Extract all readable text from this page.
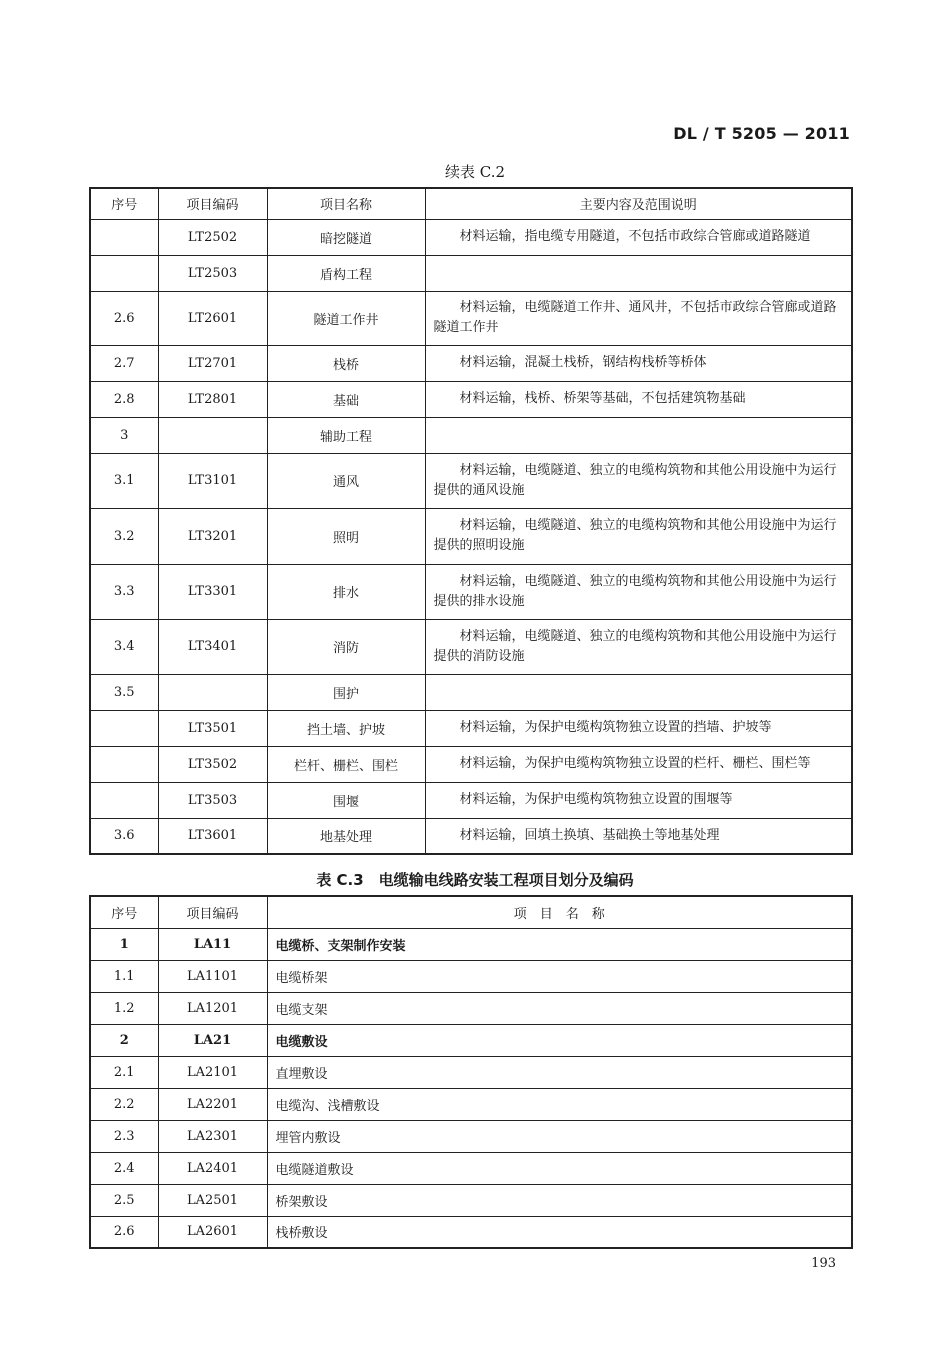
DL / T 5205 — 2011
续表 C.2
序号	项目编码	项目名称	主要内容及范围说明
	LT2502	暗挖隧道	材料运输，指电缆专用隧道，不包括市政综合管廊或道路隧道

	LT2503	盾构工程	

2.6	LT2601	隧道工作井	材料运输，电缆隧道工作井、通风井，不包括市政综合管廊或道路隧道工作井

2.7	LT2701	栈桥	材料运输，混凝土栈桥，钢结构栈桥等桥体

2.8	LT2801	基础	材料运输，栈桥、桥架等基础，不包括建筑物基础

3		辅助工程	

3.1	LT3101	通风	材料运输，电缆隧道、独立的电缆构筑物和其他公用设施中为运行提供的通风设施

3.2	LT3201	照明	材料运输，电缆隧道、独立的电缆构筑物和其他公用设施中为运行提供的照明设施

3.3	LT3301	排水	材料运输，电缆隧道、独立的电缆构筑物和其他公用设施中为运行提供的排水设施

3.4	LT3401	消防	材料运输，电缆隧道、独立的电缆构筑物和其他公用设施中为运行提供的消防设施

3.5		围护	

	LT3501	挡土墙、护坡	材料运输，为保护电缆构筑物独立设置的挡墙、护坡等

	LT3502	栏杆、栅栏、围栏	材料运输，为保护电缆构筑物独立设置的栏杆、栅栏、围栏等

	LT3503	围堰	材料运输，为保护电缆构筑物独立设置的围堰等

3.6	LT3601	地基处理	材料运输，回填土换填、基础换土等地基处理
表 C.3　电缆输电线路安装工程项目划分及编码
序号	项目编码	项　目　名　称
1	LA11	电缆桥、支架制作安装
1.1	LA1101	电缆桥架
1.2	LA1201	电缆支架
2	LA21	电缆敷设
2.1	LA2101	直埋敷设
2.2	LA2201	电缆沟、浅槽敷设
2.3	LA2301	埋管内敷设
2.4	LA2401	电缆隧道敷设
2.5	LA2501	桥架敷设
2.6	LA2601	栈桥敷设
193
